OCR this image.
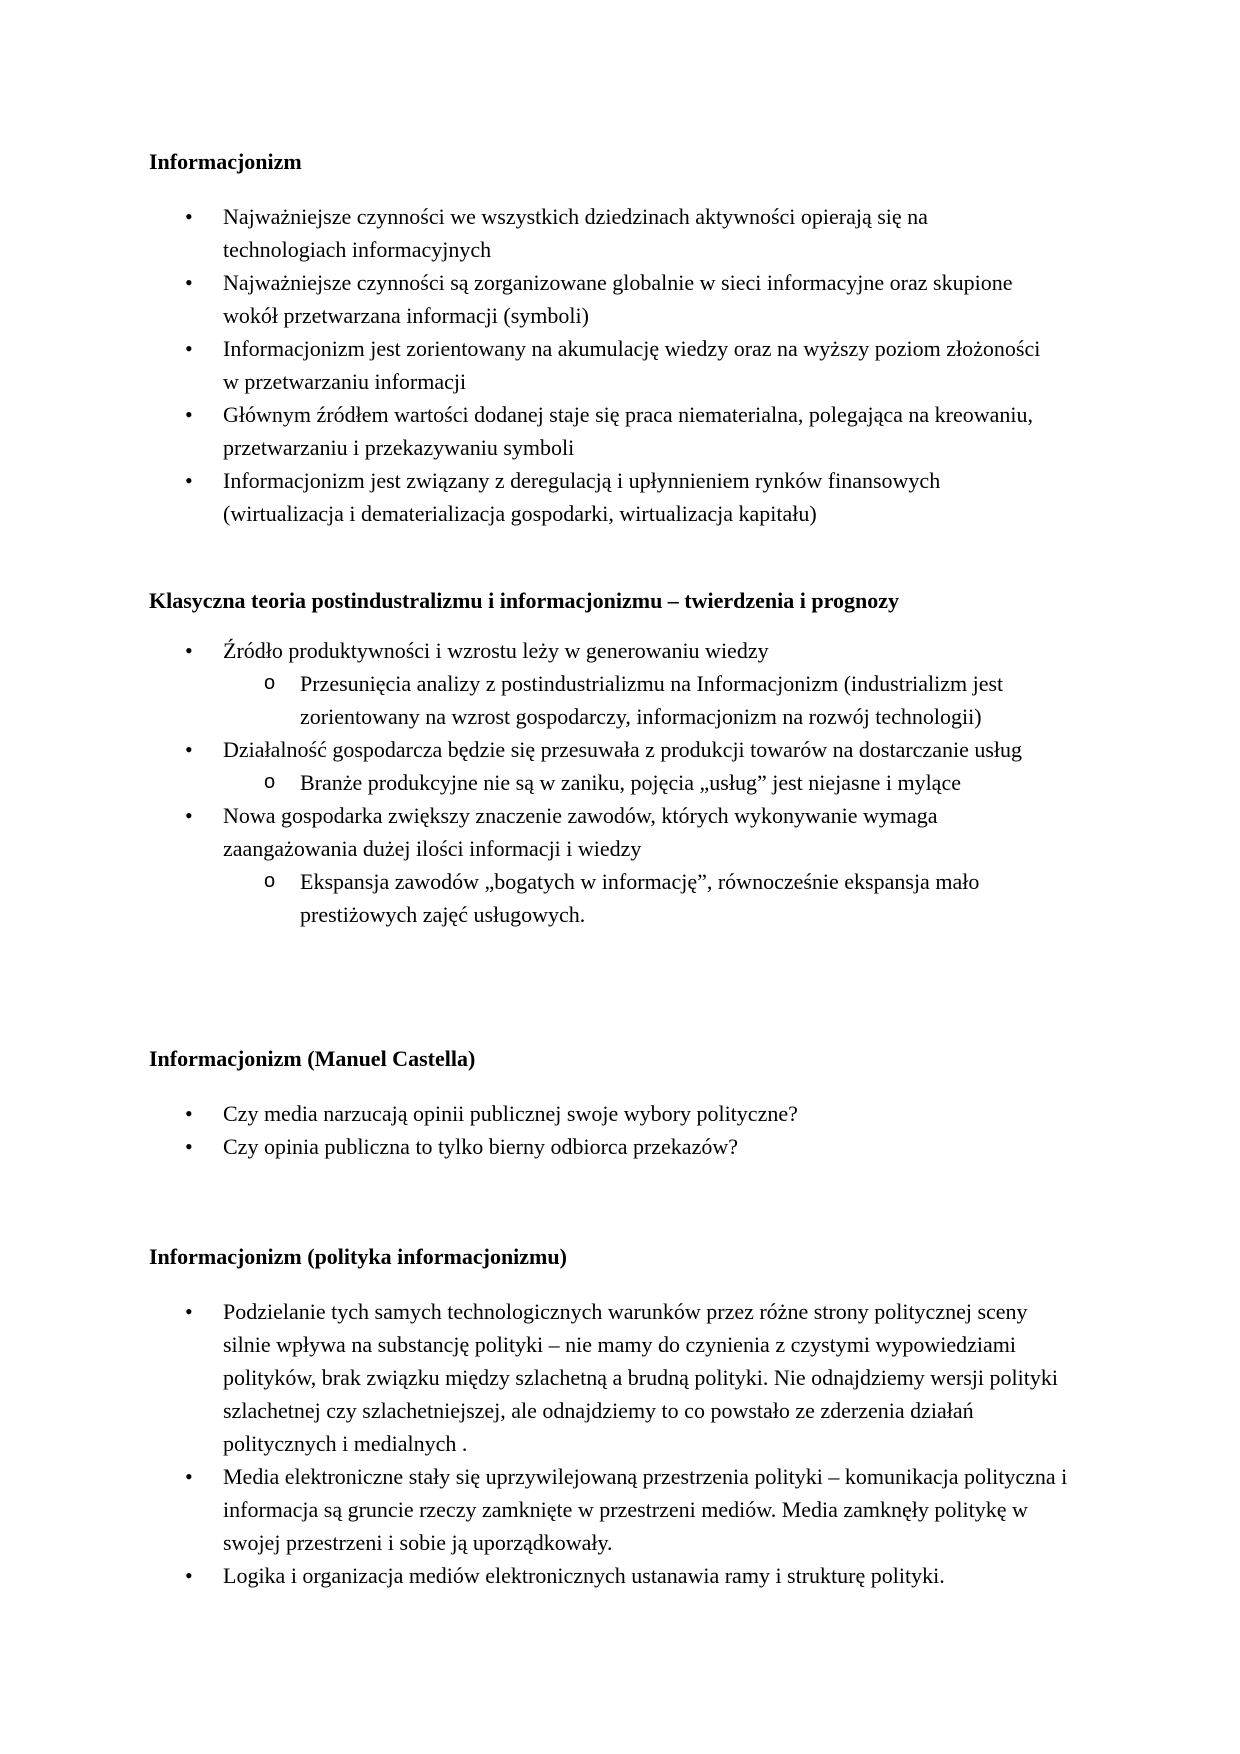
Informacjonizm
• Najważniejsze czynności we wszystkich dziedzinach aktywności opierają się na technologiach informacyjnych
• Najważniejsze czynności są zorganizowane globalnie w sieci informacyjne oraz skupione wokół przetwarzana informacji (symboli)
• Informacjonizm jest zorientowany na akumulację wiedzy oraz na wyższy poziom złożoności w przetwarzaniu informacji
• Głównym źródłem wartości dodanej staje się praca niematerialna, polegająca na kreowaniu, przetwarzaniu i przekazywaniu symboli
• Informacjonizm jest związany z deregulacją i upłynnieniem rynków finansowych (wirtualizacja i dematerializacja gospodarki, wirtualizacja kapitału)
Klasyczna teoria postindustralizmu i informacjonizmu – twierdzenia i prognozy
• Źródło produktywności i wzrostu leży w generowaniu wiedzy
o Przesunięcia analizy z postindustrializmu na Informacjonizm (industrializm jest zorientowany na wzrost gospodarczy, informacjonizm na rozwój technologii)
• Działalność gospodarcza będzie się przesuwała z produkcji towarów na dostarczanie usług
o Branże produkcyjne nie są w zaniku, pojęcia „usług” jest niejasne i mylące
• Nowa gospodarka zwiększy znaczenie zawodów, których wykonywanie wymaga zaangażowania dużej ilości informacji i wiedzy
o Ekspansja zawodów „bogatych w informację”, równocześnie ekspansja mało prestiżowych zajęć usługowych.
Informacjonizm (Manuel Castella)
• Czy media narzucają opinii publicznej swoje wybory polityczne?
• Czy opinia publiczna to tylko bierny odbiorca przekazów?
Informacjonizm (polityka informacjonizmu)
• Podzielanie tych samych technologicznych warunków przez różne strony politycznej sceny silnie wpływa na substancję polityki – nie mamy do czynienia z czystymi wypowiedziami polityków, brak związku między szlachetną a brudną polityki. Nie odnajdziemy wersji polityki szlachetnej czy szlachetniejszej, ale odnajdziemy to co powstało ze zderzenia działań politycznych i medialnych .
• Media elektroniczne stały się uprzywilejowaną przestrzenia polityki – komunikacja polityczna i informacja są gruncie rzeczy zamknięte w przestrzeni mediów. Media zamknęły politykę w swojej przestrzeni i sobie ją uporządkowały.
• Logika i organizacja mediów elektronicznych ustanawia ramy i strukturę polityki.
